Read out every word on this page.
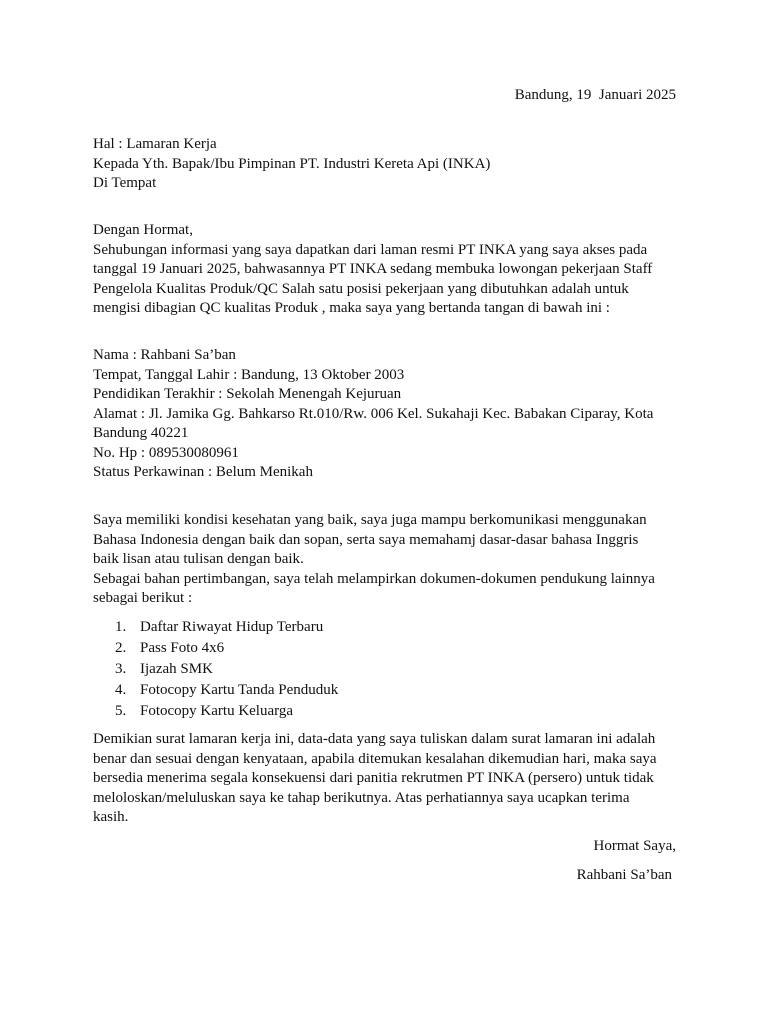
Bandung, 19  Januari 2025
Hal : Lamaran Kerja
Kepada Yth. Bapak/Ibu Pimpinan PT. Industri Kereta Api (INKA)
Di Tempat
Dengan Hormat,
Sehubungan informasi yang saya dapatkan dari laman resmi PT INKA yang saya akses pada
tanggal 19 Januari 2025, bahwasannya PT INKA sedang membuka lowongan pekerjaan Staff
Pengelola Kualitas Produk/QC Salah satu posisi pekerjaan yang dibutuhkan adalah untuk
mengisi dibagian QC kualitas Produk , maka saya yang bertanda tangan di bawah ini :
Nama : Rahbani Sa’ban
Tempat, Tanggal Lahir : Bandung, 13 Oktober 2003
Pendidikan Terakhir : Sekolah Menengah Kejuruan
Alamat : Jl. Jamika Gg. Bahkarso Rt.010/Rw. 006 Kel. Sukahaji Kec. Babakan Ciparay, Kota
Bandung 40221
No. Hp : 089530080961
Status Perkawinan : Belum Menikah
Saya memiliki kondisi kesehatan yang baik, saya juga mampu berkomunikasi menggunakan
Bahasa Indonesia dengan baik dan sopan, serta saya memahamj dasar-dasar bahasa Inggris
baik lisan atau tulisan dengan baik.
Sebagai bahan pertimbangan, saya telah melampirkan dokumen-dokumen pendukung lainnya
sebagai berikut :
1. Daftar Riwayat Hidup Terbaru
2. Pass Foto 4x6
3. Ijazah SMK
4. Fotocopy Kartu Tanda Penduduk
5. Fotocopy Kartu Keluarga
Demikian surat lamaran kerja ini, data-data yang saya tuliskan dalam surat lamaran ini adalah
benar dan sesuai dengan kenyataan, apabila ditemukan kesalahan dikemudian hari, maka saya
bersedia menerima segala konsekuensi dari panitia rekrutmen PT INKA (persero) untuk tidak
meloloskan/meluluskan saya ke tahap berikutnya. Atas perhatiannya saya ucapkan terima
kasih.
Hormat Saya,
Rahbani Sa’ban
